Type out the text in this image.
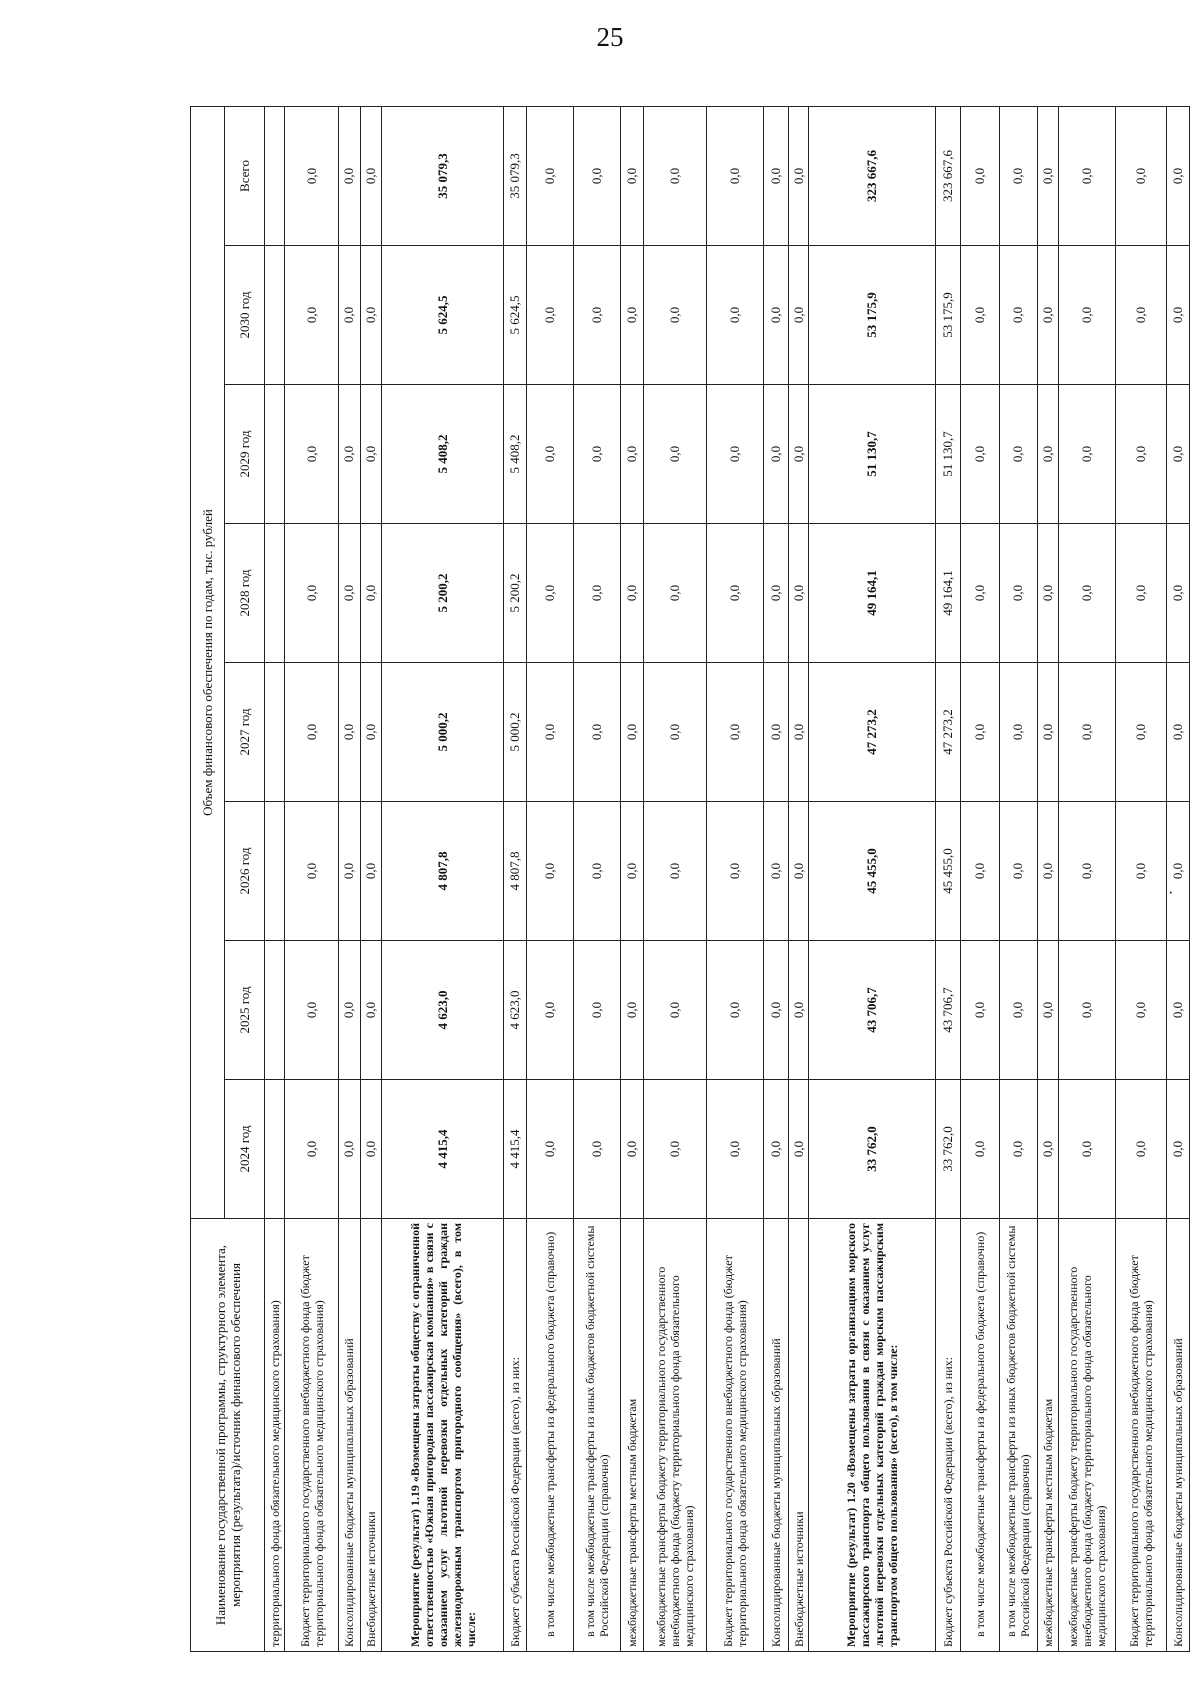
25
·
Наименование государственной программы, структурного элемента, мероприятия (результата)/источник финансового обеспечения	Объем финансового обеспечения по годам, тыс. рублей							
	2024 год	2025 год	2026 год	2027 год	2028 год	2029 год	2030 год	Всего
территориального фонда обязательного медицинского страхования)								
Бюджет территориального государственного внебюджетного фонда (бюджет территориального фонда обязательного медицинского страхования)	0,0	0,0	0,0	0,0	0,0	0,0	0,0	0,0
Консолидированные бюджеты муниципальных образований	0,0	0,0	0,0	0,0	0,0	0,0	0,0	0,0
Внебюджетные источники	0,0	0,0	0,0	0,0	0,0	0,0	0,0	0,0
Мероприятие (результат) 1.19 «Возмещены затраты обществу с ограниченной ответственностью «Южная пригородная пассажирская компания» в связи с оказанием услуг льготной перевозки отдельных категорий граждан железнодорожным транспортом пригородного сообщения» (всего), в том числе:	4 415,4	4 623,0	4 807,8	5 000,2	5 200,2	5 408,2	5 624,5	35 079,3
Бюджет субъекта Российской Федерации (всего), из них:	4 415,4	4 623,0	4 807,8	5 000,2	5 200,2	5 408,2	5 624,5	35 079,3
в том числе межбюджетные трансферты из федерального бюджета (справочно)	0,0	0,0	0,0	0,0	0,0	0,0	0,0	0,0
в том числе межбюджетные трансферты из иных бюджетов бюджетной системы Российской Федерации (справочно)	0,0	0,0	0,0	0,0	0,0	0,0	0,0	0,0
межбюджетные трансферты местным бюджетам	0,0	0,0	0,0	0,0	0,0	0,0	0,0	0,0
межбюджетные трансферты бюджету территориального государственного внебюджетного фонда (бюджету территориального фонда обязательного медицинского страхования)	0,0	0,0	0,0	0,0	0,0	0,0	0,0	0,0
Бюджет территориального государственного внебюджетного фонда (бюджет территориального фонда обязательного медицинского страхования)	0,0	0,0	0,0	0,0	0,0	0,0	0,0	0,0
Консолидированные бюджеты муниципальных образований	0,0	0,0	0,0	0,0	0,0	0,0	0,0	0,0
Внебюджетные источники	0,0	0,0	0,0	0,0	0,0	0,0	0,0	0,0
Мероприятие (результат) 1.20 «Возмещены затраты организациям морского пассажирского транспорта общего пользования в связи с оказанием услуг льготной перевозки отдельных категорий граждан морским пассажирским транспортом общего пользования» (всего), в том числе:	33 762,0	43 706,7	45 455,0	47 273,2	49 164,1	51 130,7	53 175,9	323 667,6
Бюджет субъекта Российской Федерации (всего), из них:	33 762,0	43 706,7	45 455,0	47 273,2	49 164,1	51 130,7	53 175,9	323 667,6
в том числе межбюджетные трансферты из федерального бюджета (справочно)	0,0	0,0	0,0	0,0	0,0	0,0	0,0	0,0
в том числе межбюджетные трансферты из иных бюджетов бюджетной системы Российской Федерации (справочно)	0,0	0,0	0,0	0,0	0,0	0,0	0,0	0,0
межбюджетные трансферты местным бюджетам	0,0	0,0	0,0	0,0	0,0	0,0	0,0	0,0
межбюджетные трансферты бюджету территориального государственного внебюджетного фонда (бюджету территориального фонда обязательного медицинского страхования)	0,0	0,0	0,0	0,0	0,0	0,0	0,0	0,0
Бюджет территориального государственного внебюджетного фонда (бюджет территориального фонда обязательного медицинского страхования)	0,0	0,0	0,0	0,0	0,0	0,0	0,0	0,0
Консолидированные бюджеты муниципальных образований	0,0	0,0	0,0	0,0	0,0	0,0	0,0	0,0
